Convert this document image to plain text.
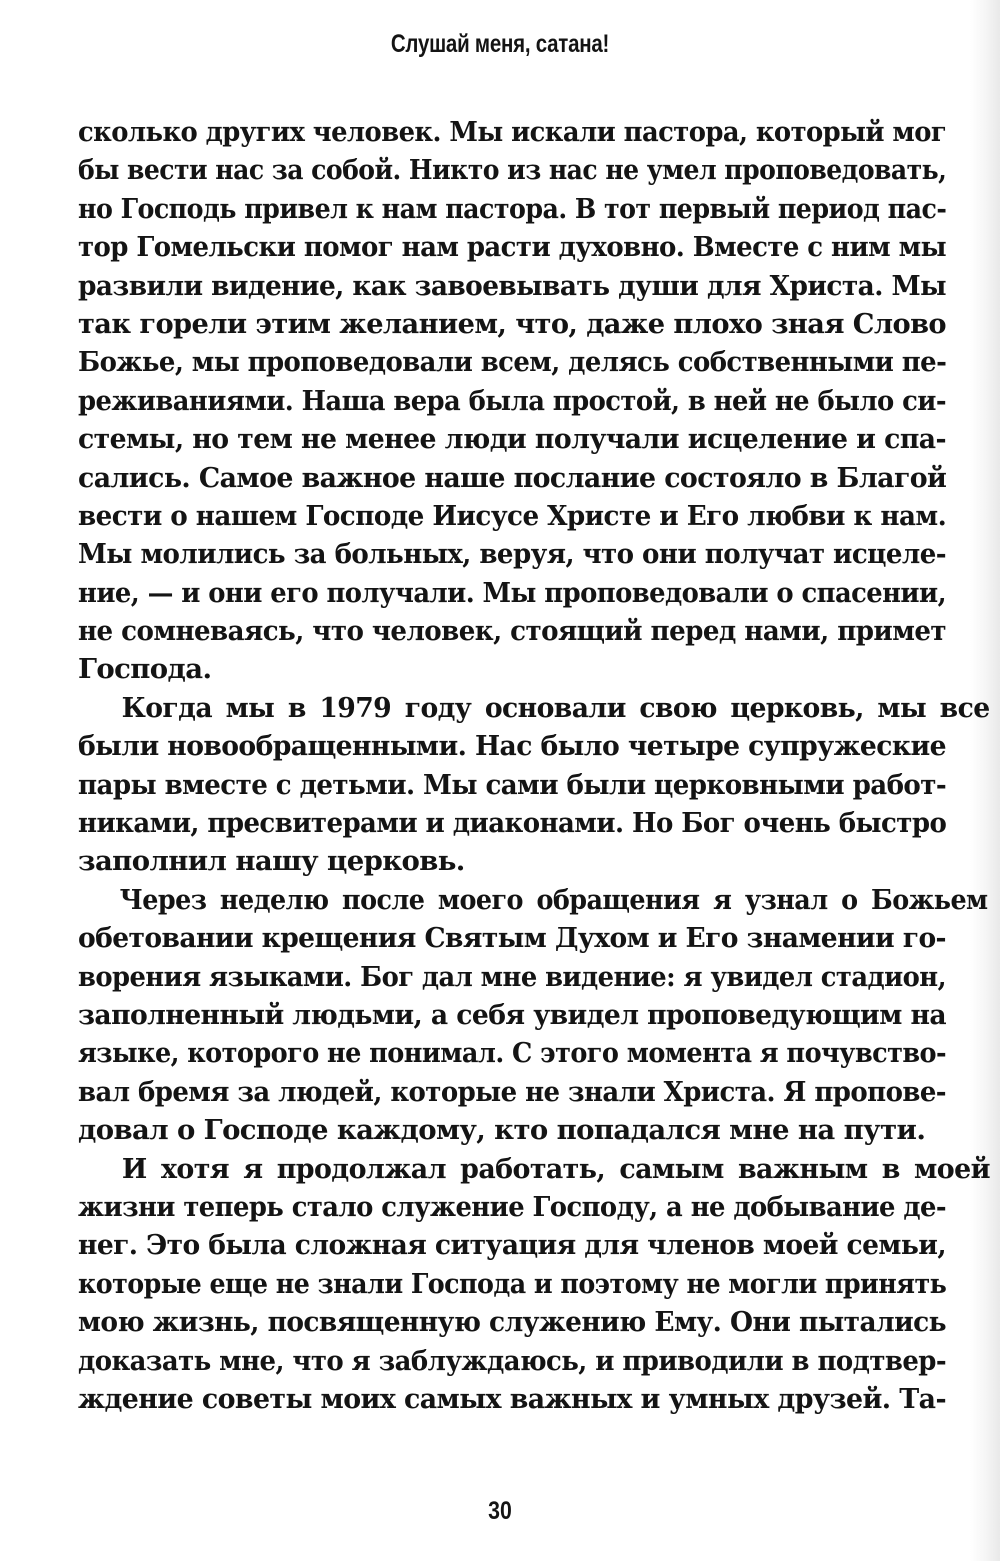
Слушай меня, сатана!
сколько других человек. Мы искали пастора, который мог
бы вести нас за собой. Никто из нас не умел проповедовать,
но Господь привел к нам пастора. В тот первый период пас-
тор Гомельски помог нам расти духовно. Вместе с ним мы
развили видение, как завоевывать души для Христа. Мы
так горели этим желанием, что, даже плохо зная Слово
Божье, мы проповедовали всем, делясь собственными пе-
реживаниями. Наша вера была простой, в ней не было си-
стемы, но тем не менее люди получали исцеление и спа-
сались. Самое важное наше послание состояло в Благой
вести о нашем Господе Иисусе Христе и Его любви к нам.
Мы молились за больных, веруя, что они получат исцеле-
ние, — и они его получали. Мы проповедовали о спасении,
не сомневаясь, что человек, стоящий перед нами, примет
Господа.
Когда мы в 1979 году основали свою церковь, мы все
были новообращенными. Нас было четыре супружеские
пары вместе с детьми. Мы сами были церковными работ-
никами, пресвитерами и диаконами. Но Бог очень быстро
заполнил нашу церковь.
Через неделю после моего обращения я узнал о Божьем
обетовании крещения Святым Духом и Его знамении го-
ворения языками. Бог дал мне видение: я увидел стадион,
заполненный людьми, а себя увидел проповедующим на
языке, которого не понимал. С этого момента я почувство-
вал бремя за людей, которые не знали Христа. Я пропове-
довал о Господе каждому, кто попадался мне на пути.
И хотя я продолжал работать, самым важным в моей
жизни теперь стало служение Господу, а не добывание де-
нег. Это была сложная ситуация для членов моей семьи,
которые еще не знали Господа и поэтому не могли принять
мою жизнь, посвященную служению Ему. Они пытались
доказать мне, что я заблуждаюсь, и приводили в подтвер-
ждение советы моих самых важных и умных друзей. Та-
30
